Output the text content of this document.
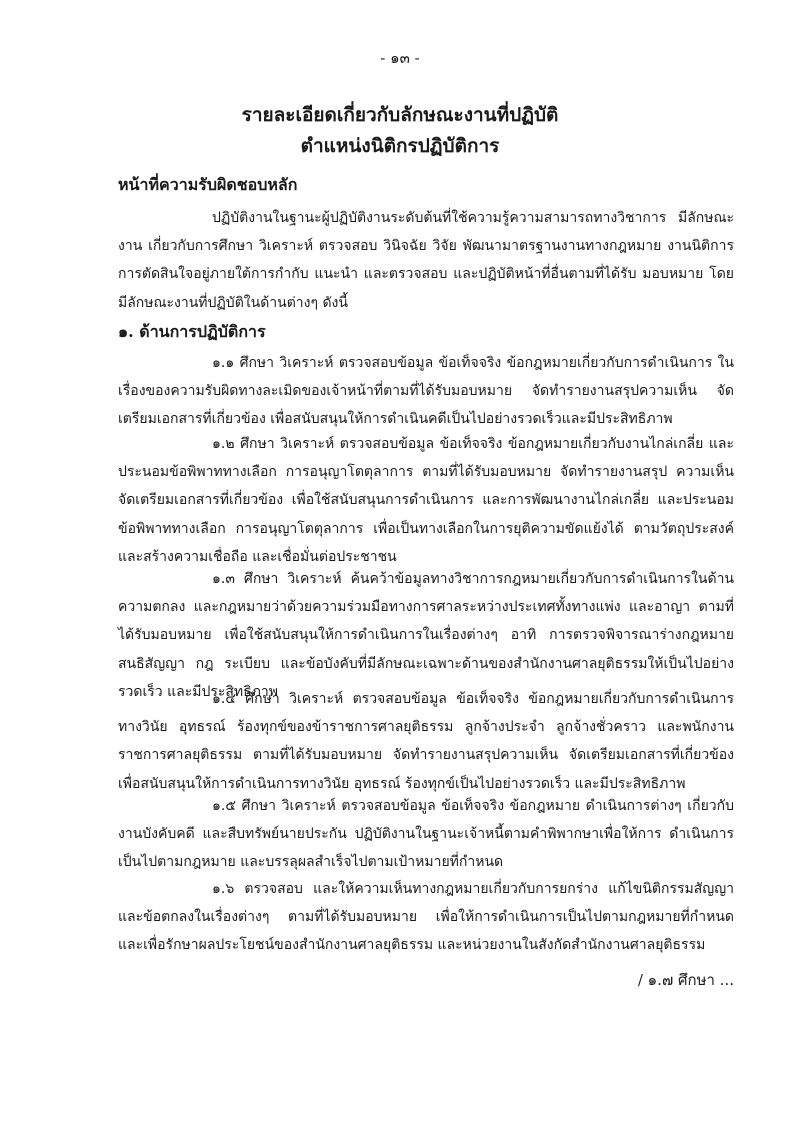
- ๑๓ -
รายละเอียดเกี่ยวกับลักษณะงานที่ปฏิบัติ
ตำแหน่งนิติกรปฏิบัติการ
หน้าที่ความรับผิดชอบหลัก

ปฏิบัติงานในฐานะผู้ปฏิบัติงานระดับต้นที่ใช้ความรู้ความสามารถทางวิชาการ มีลักษณะงาน เกี่ยวกับการศึกษา วิเคราะห์ ตรวจสอบ วินิจฉัย วิจัย พัฒนามาตรฐานงานทางกฎหมาย งานนิติการ การตัดสินใจอยู่ภายใต้การกำกับ แนะนำ และตรวจสอบ และปฏิบัติหน้าที่อื่นตามที่ได้รับ มอบหมาย โดยมีลักษณะงานที่ปฏิบัติในด้านต่างๆ ดังนี้

๑. ด้านการปฏิบัติการ

๑.๑ ศึกษา วิเคราะห์ ตรวจสอบข้อมูล ข้อเท็จจริง ข้อกฎหมายเกี่ยวกับการดำเนินการ ในเรื่องของความรับผิดทางละเมิดของเจ้าหน้าที่ตามที่ได้รับมอบหมาย จัดทำรายงานสรุปความเห็น จัดเตรียมเอกสารที่เกี่ยวข้อง เพื่อสนับสนุนให้การดำเนินคดีเป็นไปอย่างรวดเร็วและมีประสิทธิภาพ

๑.๒ ศึกษา วิเคราะห์ ตรวจสอบข้อมูล ข้อเท็จจริง ข้อกฎหมายเกี่ยวกับงานไกล่เกลี่ย และประนอมข้อพิพาททางเลือก การอนุญาโตตุลาการ ตามที่ได้รับมอบหมาย จัดทำรายงานสรุป ความเห็น จัดเตรียมเอกสารที่เกี่ยวข้อง เพื่อใช้สนับสนุนการดำเนินการ และการพัฒนางานไกล่เกลี่ย และประนอมข้อพิพาททางเลือก การอนุญาโตตุลาการ เพื่อเป็นทางเลือกในการยุติความขัดแย้งได้ ตามวัตถุประสงค์ และสร้างความเชื่อถือ และเชื่อมั่นต่อประชาชน

๑.๓ ศึกษา วิเคราะห์ ค้นคว้าข้อมูลทางวิชาการกฎหมายเกี่ยวกับการดำเนินการในด้าน ความตกลง และกฎหมายว่าด้วยความร่วมมือทางการศาลระหว่างประเทศทั้งทางแพ่ง และอาญา ตามที่ ได้รับมอบหมาย เพื่อใช้สนับสนุนให้การดำเนินการในเรื่องต่างๆ อาทิ การตรวจพิจารณาร่างกฎหมาย สนธิสัญญา กฎ ระเบียบ และข้อบังคับที่มีลักษณะเฉพาะด้านของสำนักงานศาลยุติธรรมให้เป็นไปอย่าง รวดเร็ว และมีประสิทธิภาพ

๑.๔ ศึกษา วิเคราะห์ ตรวจสอบข้อมูล ข้อเท็จจริง ข้อกฎหมายเกี่ยวกับการดำเนินการ ทางวินัย อุทธรณ์ ร้องทุกข์ของข้าราชการศาลยุติธรรม ลูกจ้างประจำ ลูกจ้างชั่วคราว และพนักงาน ราชการศาลยุติธรรม ตามที่ได้รับมอบหมาย จัดทำรายงานสรุปความเห็น จัดเตรียมเอกสารที่เกี่ยวข้อง เพื่อสนับสนุนให้การดำเนินการทางวินัย อุทธรณ์ ร้องทุกข์เป็นไปอย่างรวดเร็ว และมีประสิทธิภาพ

๑.๕ ศึกษา วิเคราะห์ ตรวจสอบข้อมูล ข้อเท็จจริง ข้อกฎหมาย ดำเนินการต่างๆ เกี่ยวกับงานบังคับคดี และสืบทรัพย์นายประกัน ปฏิบัติงานในฐานะเจ้าหนี้ตามคำพิพากษาเพื่อให้การ ดำเนินการเป็นไปตามกฎหมาย และบรรลุผลสำเร็จไปตามเป้าหมายที่กำหนด

๑.๖ ตรวจสอบ และให้ความเห็นทางกฎหมายเกี่ยวกับการยกร่าง แก้ไขนิติกรรมสัญญา และข้อตกลงในเรื่องต่างๆ ตามที่ได้รับมอบหมาย เพื่อให้การดำเนินการเป็นไปตามกฎหมายที่กำหนด และเพื่อรักษาผลประโยชน์ของสำนักงานศาลยุติธรรม และหน่วยงานในสังกัดสำนักงานศาลยุติธรรม

/ ๑.๗ ศึกษา ...
